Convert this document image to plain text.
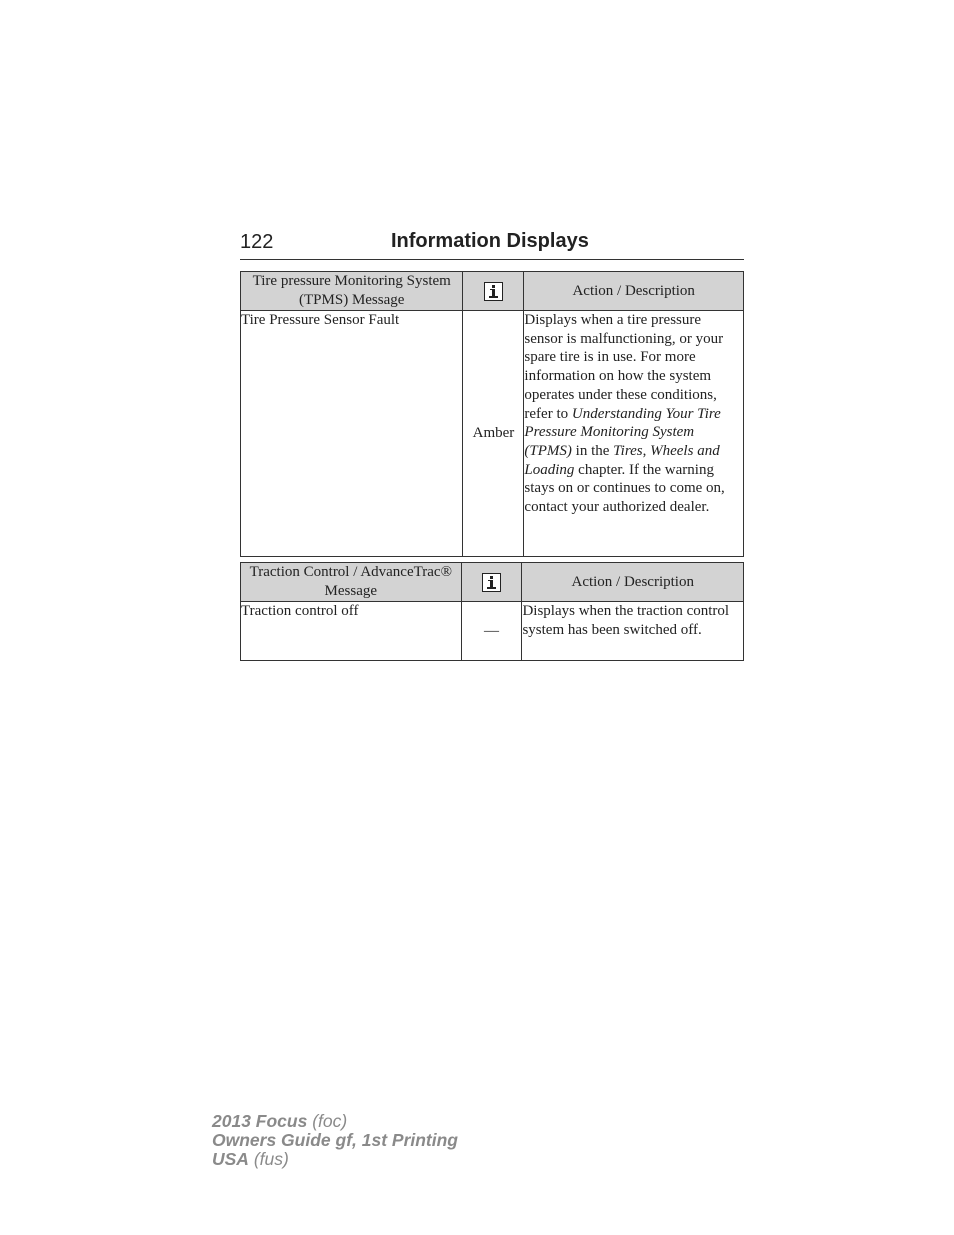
122	Information Displays
Tire pressure Monitoring System (TPMS) Message		Action / Description
Tire Pressure Sensor Fault	Amber	Displays when a tire pressure sensor is malfunctioning, or your spare tire is in use. For more information on how the system operates under these conditions, refer to Understanding Your Tire Pressure Monitoring System (TPMS) in the Tires, Wheels and Loading chapter. If the warning stays on or continues to come on, contact your authorized dealer.
Traction Control / AdvanceTrac® Message		Action / Description
Traction control off	—	Displays when the traction control system has been switched off.
2013 Focus (foc)
Owners Guide gf, 1st Printing
USA (fus)
